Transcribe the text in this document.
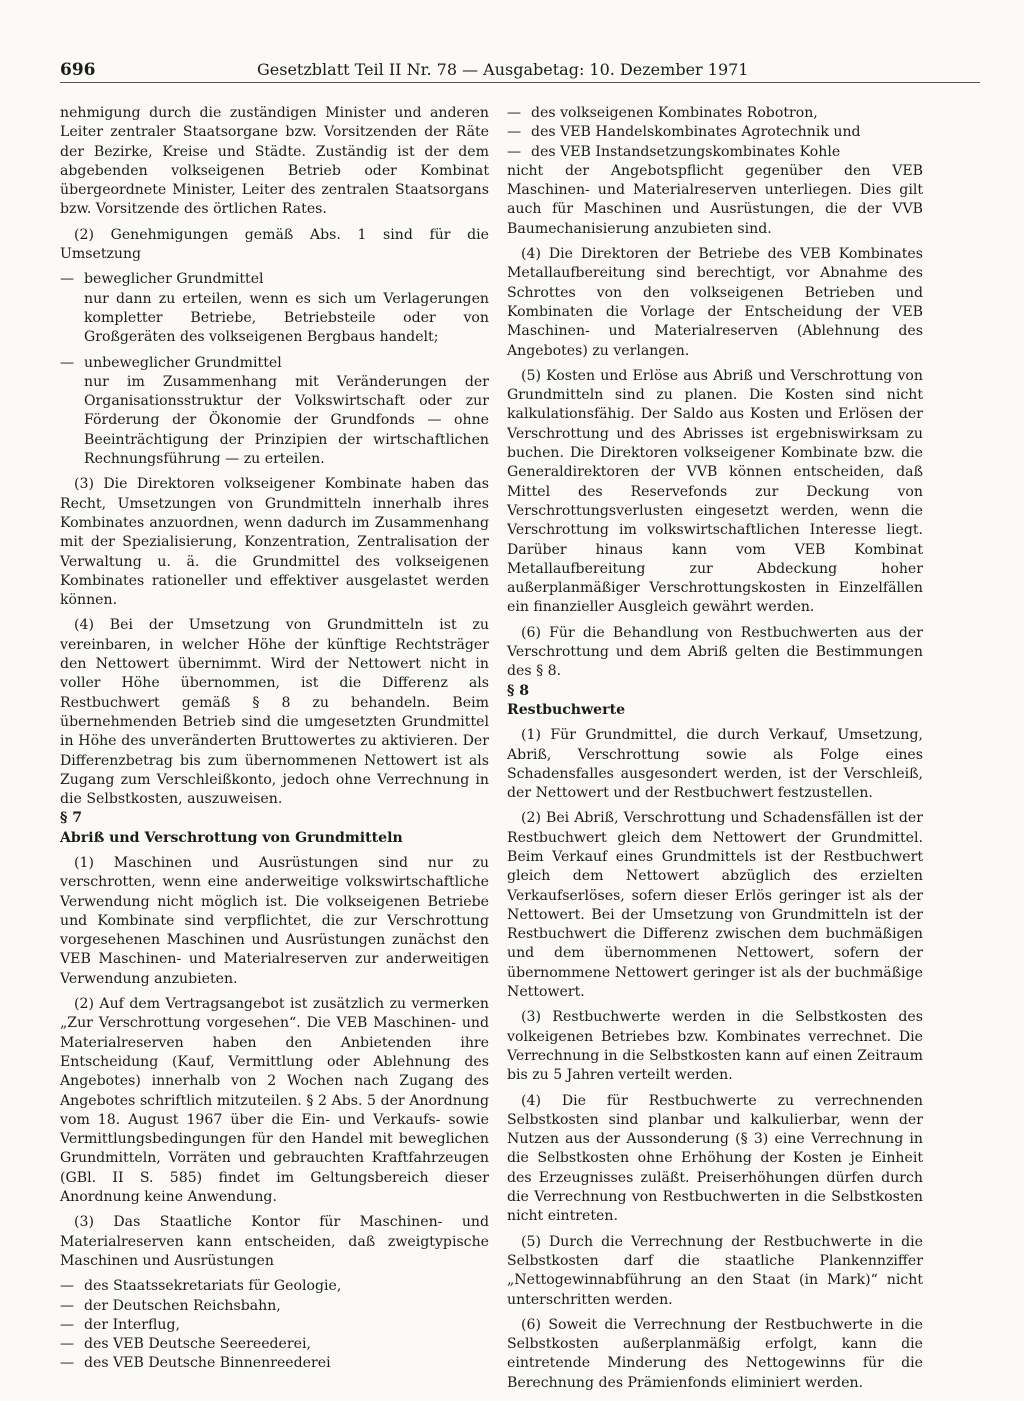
696	Gesetzblatt Teil II Nr. 78 — Ausgabetag: 10. Dezember 1971

nehmigung durch die zuständigen Minister und anderen Leiter zentraler Staatsorgane bzw. Vorsitzenden der Räte der Bezirke, Kreise und Städte. Zuständig ist der dem abgebenden volkseigenen Betrieb oder Kombinat übergeordnete Minister, Leiter des zentralen Staatsorgans bzw. Vorsitzende des örtlichen Rates.

(2) Genehmigungen gemäß Abs. 1 sind für die Umsetzung

— beweglicher Grundmittel
nur dann zu erteilen, wenn es sich um Verlagerungen kompletter Betriebe, Betriebsteile oder von Großgeräten des volkseigenen Bergbaus handelt;
— unbeweglicher Grundmittel
nur im Zusammenhang mit Veränderungen der Organisationsstruktur der Volkswirtschaft oder zur Förderung der Ökonomie der Grundfonds — ohne Beeinträchtigung der Prinzipien der wirtschaftlichen Rechnungsführung — zu erteilen.

(3) Die Direktoren volkseigener Kombinate haben das Recht, Umsetzungen von Grundmitteln innerhalb ihres Kombinates anzuordnen, wenn dadurch im Zusammenhang mit der Spezialisierung, Konzentration, Zentralisation der Verwaltung u. ä. die Grundmittel des volkseigenen Kombinates rationeller und effektiver ausgelastet werden können.

(4) Bei der Umsetzung von Grundmitteln ist zu vereinbaren, in welcher Höhe der künftige Rechtsträger den Nettowert übernimmt. Wird der Nettowert nicht in voller Höhe übernommen, ist die Differenz als Restbuchwert gemäß § 8 zu behandeln. Beim übernehmenden Betrieb sind die umgesetzten Grundmittel in Höhe des unveränderten Bruttowertes zu aktivieren. Der Differenzbetrag bis zum übernommenen Nettowert ist als Zugang zum Verschleißkonto, jedoch ohne Verrechnung in die Selbstkosten, auszuweisen.

§ 7

Abriß und Verschrottung von Grundmitteln

(1) Maschinen und Ausrüstungen sind nur zu verschrotten, wenn eine anderweitige volkswirtschaftliche Verwendung nicht möglich ist. Die volkseigenen Betriebe und Kombinate sind verpflichtet, die zur Verschrottung vorgesehenen Maschinen und Ausrüstungen zunächst den VEB Maschinen- und Materialreserven zur anderweitigen Verwendung anzubieten.

(2) Auf dem Vertragsangebot ist zusätzlich zu vermerken „Zur Verschrottung vorgesehen“. Die VEB Maschinen- und Materialreserven haben den Anbietenden ihre Entscheidung (Kauf, Vermittlung oder Ablehnung des Angebotes) innerhalb von 2 Wochen nach Zugang des Angebotes schriftlich mitzuteilen. § 2 Abs. 5 der Anordnung vom 18. August 1967 über die Ein- und Verkaufs- sowie Vermittlungsbedingungen für den Handel mit beweglichen Grundmitteln, Vorräten und gebrauchten Kraftfahrzeugen (GBl. II S. 585) findet im Geltungsbereich dieser Anordnung keine Anwendung.

(3) Das Staatliche Kontor für Maschinen- und Materialreserven kann entscheiden, daß zweigtypische Maschinen und Ausrüstungen

— des Staatssekretariats für Geologie,
— der Deutschen Reichsbahn,
— der Interflug,
— des VEB Deutsche Seereederei,
— des VEB Deutsche Binnenreederei
— des volkseigenen Kombinates Robotron,
— des VEB Handelskombinates Agrotechnik und
— des VEB Instandsetzungskombinates Kohle

nicht der Angebotspflicht gegenüber den VEB Maschinen- und Materialreserven unterliegen. Dies gilt auch für Maschinen und Ausrüstungen, die der VVB Baumechanisierung anzubieten sind.

(4) Die Direktoren der Betriebe des VEB Kombinates Metallaufbereitung sind berechtigt, vor Abnahme des Schrottes von den volkseigenen Betrieben und Kombinaten die Vorlage der Entscheidung der VEB Maschinen- und Materialreserven (Ablehnung des Angebotes) zu verlangen.

(5) Kosten und Erlöse aus Abriß und Verschrottung von Grundmitteln sind zu planen. Die Kosten sind nicht kalkulationsfähig. Der Saldo aus Kosten und Erlösen der Verschrottung und des Abrisses ist ergebniswirksam zu buchen. Die Direktoren volkseigener Kombinate bzw. die Generaldirektoren der VVB können entscheiden, daß Mittel des Reservefonds zur Deckung von Verschrottungsverlusten eingesetzt werden, wenn die Verschrottung im volkswirtschaftlichen Interesse liegt. Darüber hinaus kann vom VEB Kombinat Metallaufbereitung zur Abdeckung hoher außerplanmäßiger Verschrottungskosten in Einzelfällen ein finanzieller Ausgleich gewährt werden.

(6) Für die Behandlung von Restbuchwerten aus der Verschrottung und dem Abriß gelten die Bestimmungen des § 8.

§ 8

Restbuchwerte

(1) Für Grundmittel, die durch Verkauf, Umsetzung, Abriß, Verschrottung sowie als Folge eines Schadensfalles ausgesondert werden, ist der Verschleiß, der Nettowert und der Restbuchwert festzustellen.

(2) Bei Abriß, Verschrottung und Schadensfällen ist der Restbuchwert gleich dem Nettowert der Grundmittel. Beim Verkauf eines Grundmittels ist der Restbuchwert gleich dem Nettowert abzüglich des erzielten Verkaufserlöses, sofern dieser Erlös geringer ist als der Nettowert. Bei der Umsetzung von Grundmitteln ist der Restbuchwert die Differenz zwischen dem buchmäßigen und dem übernommenen Nettowert, sofern der übernommene Nettowert geringer ist als der buchmäßige Nettowert.

(3) Restbuchwerte werden in die Selbstkosten des volkeigenen Betriebes bzw. Kombinates verrechnet. Die Verrechnung in die Selbstkosten kann auf einen Zeitraum bis zu 5 Jahren verteilt werden.

(4) Die für Restbuchwerte zu verrechnenden Selbstkosten sind planbar und kalkulierbar, wenn der Nutzen aus der Aussonderung (§ 3) eine Verrechnung in die Selbstkosten ohne Erhöhung der Kosten je Einheit des Erzeugnisses zuläßt. Preiserhöhungen dürfen durch die Verrechnung von Restbuchwerten in die Selbstkosten nicht eintreten.

(5) Durch die Verrechnung der Restbuchwerte in die Selbstkosten darf die staatliche Plankennziffer „Nettogewinnabführung an den Staat (in Mark)“ nicht unterschritten werden.

(6) Soweit die Verrechnung der Restbuchwerte in die Selbstkosten außerplanmäßig erfolgt, kann die eintretende Minderung des Nettogewinns für die Berechnung des Prämienfonds eliminiert werden.
